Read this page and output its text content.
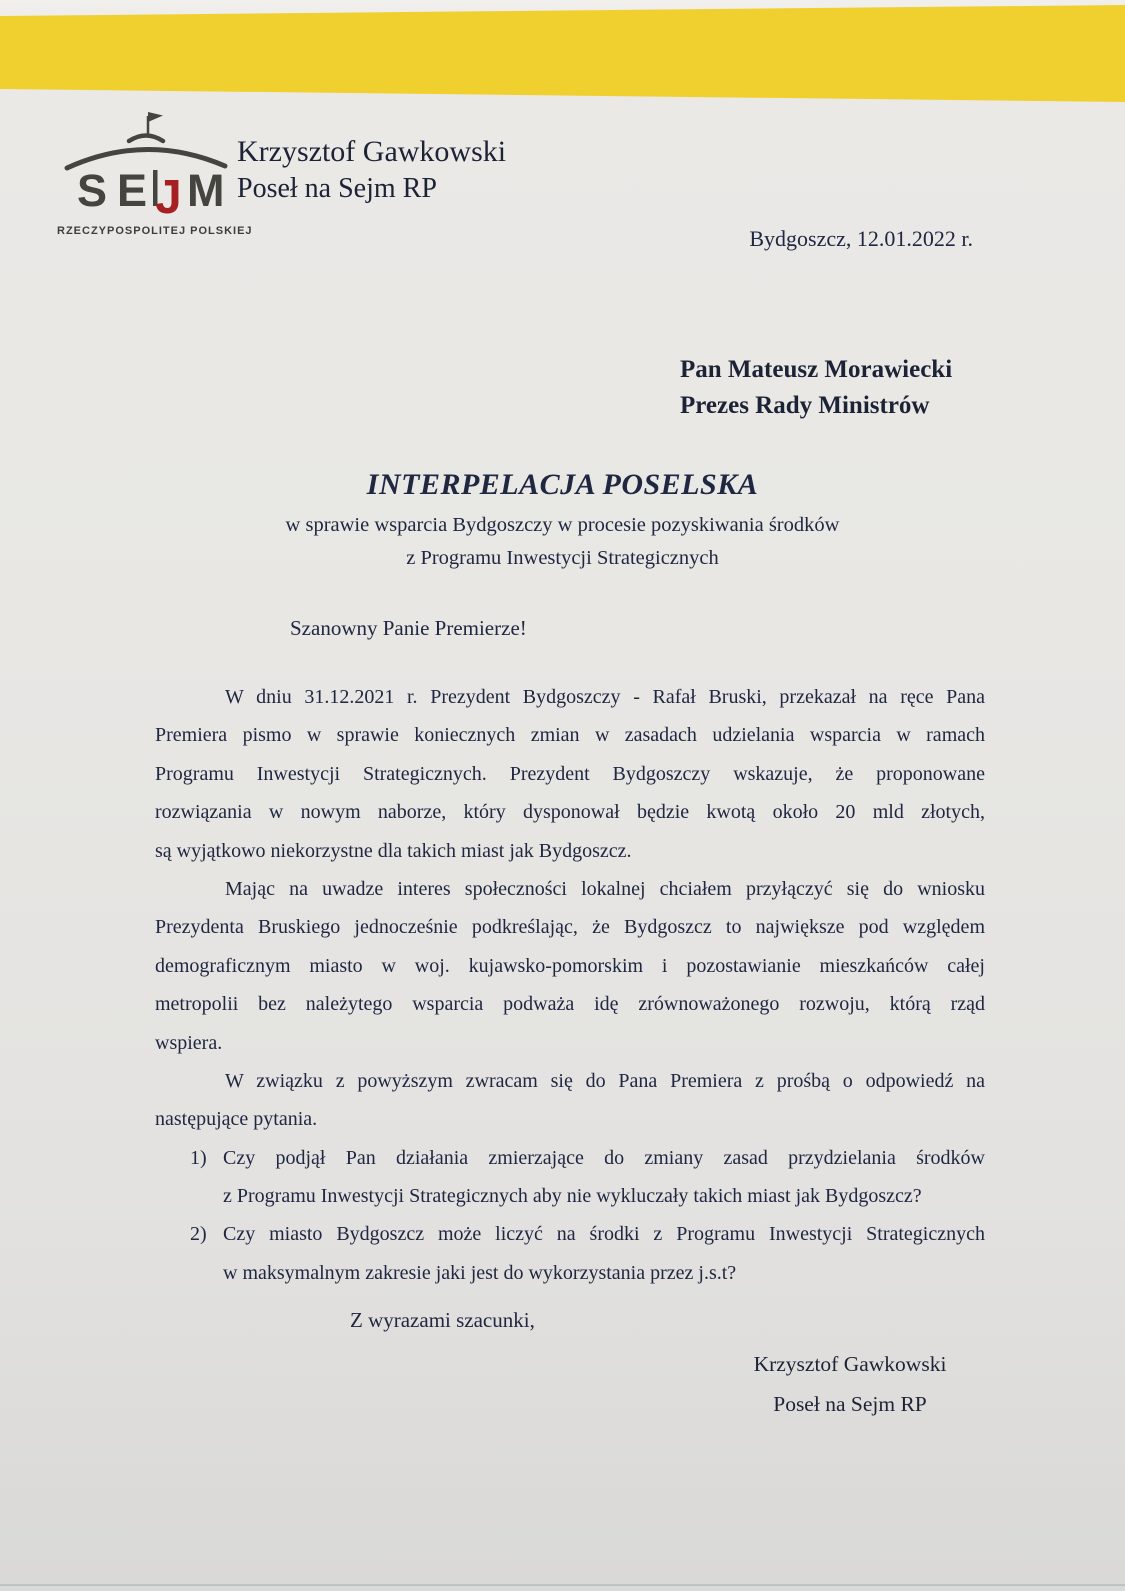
S E J M
RZECZYPOSPOLITEJ POLSKIEJ
Krzysztof Gawkowski
Poseł na Sejm RP
Bydgoszcz, 12.01.2022 r.
Pan Mateusz Morawiecki
Prezes Rady Ministrów
INTERPELACJA POSELSKA
w sprawie wsparcia Bydgoszczy w procesie pozyskiwania środków
z Programu Inwestycji Strategicznych
Szanowny Panie Premierze!
W dniu 31.12.2021 r. Prezydent Bydgoszczy - Rafał Bruski, przekazał na ręce Pana
Premiera pismo w sprawie koniecznych zmian w zasadach udzielania wsparcia w ramach
Programu Inwestycji Strategicznych. Prezydent Bydgoszczy wskazuje, że proponowane
rozwiązania w nowym naborze, który dysponował będzie kwotą około 20 mld złotych,
są wyjątkowo niekorzystne dla takich miast jak Bydgoszcz.
Mając na uwadze interes społeczności lokalnej chciałem przyłączyć się do wniosku
Prezydenta Bruskiego jednocześnie podkreślając, że Bydgoszcz to największe pod względem
demograficznym miasto w woj. kujawsko-pomorskim i pozostawianie mieszkańców całej
metropolii bez należytego wsparcia podważa idę zrównoważonego rozwoju, którą rząd
wspiera.
W związku z powyższym zwracam się do Pana Premiera z prośbą o odpowiedź na
następujące pytania.
1) Czy podjął Pan działania zmierzające do zmiany zasad przydzielania środków
z Programu Inwestycji Strategicznych aby nie wykluczały takich miast jak Bydgoszcz?
2) Czy miasto Bydgoszcz może liczyć na środki z Programu Inwestycji Strategicznych
w maksymalnym zakresie jaki jest do wykorzystania przez j.s.t?
Z wyrazami szacunki,
Krzysztof Gawkowski
Poseł na Sejm RP
